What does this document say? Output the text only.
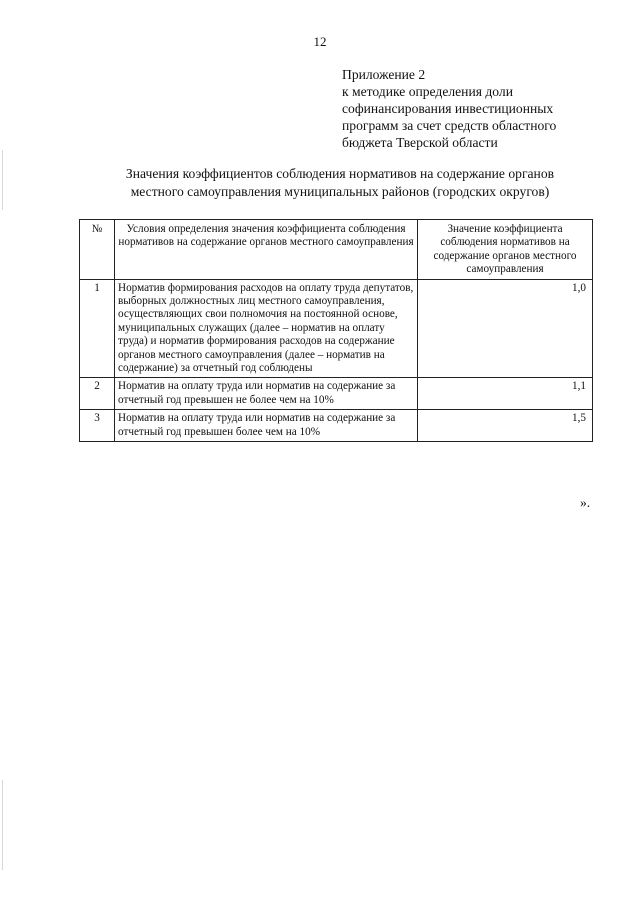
12
Приложение 2
к методике определения доли
софинансирования инвестиционных
программ за счет средств областного
бюджета Тверской области
Значения коэффициентов соблюдения нормативов на содержание органов
местного самоуправления муниципальных районов (городских округов)
№	Условия определения значения коэффициента соблюдения нормативов на содержание органов местного самоуправления	Значение коэффициента соблюдения нормативов на содержание органов местного самоуправления
1	Норматив формирования расходов на оплату труда депутатов, выборных должностных лиц местного самоуправления, осуществляющих свои полномочия на постоянной основе, муниципальных служащих (далее – норматив на оплату труда) и норматив формирования расходов на содержание органов местного самоуправления (далее – норматив на содержание) за отчетный год соблюдены	1,0
2	Норматив на оплату труда или норматив на содержание за отчетный год превышен не более чем на 10%	1,1
3	Норматив на оплату труда или норматив на содержание за отчетный год превышен более чем на 10%	1,5
».
